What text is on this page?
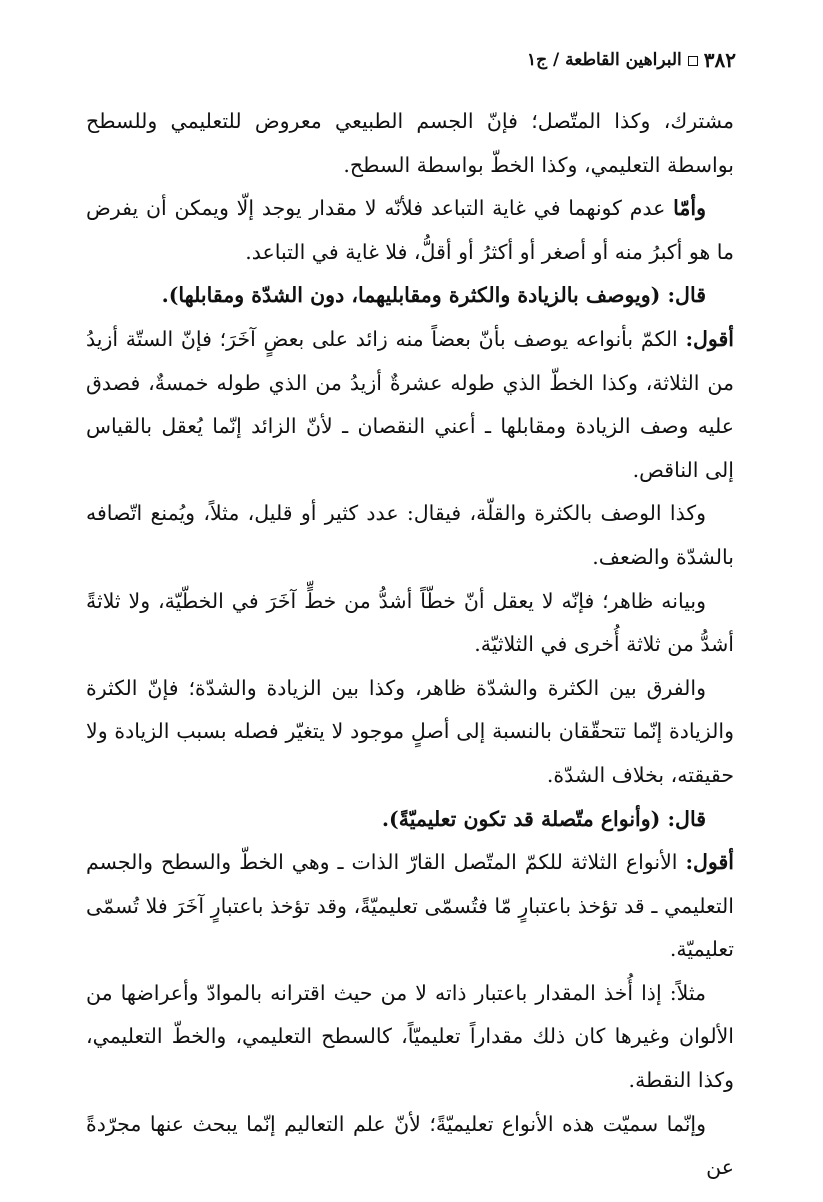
٣٨٢
البراهين القاطعة / ج١

مشترك، وكذا المتّصل؛ فإنّ الجسم الطبيعي معروض للتعليمي وللسطح بواسطة التعليمي، وكذا الخطّ بواسطة السطح.

وأمّا عدم كونهما في غاية التباعد فلأنّه لا مقدار يوجد إلّا ويمكن أن يفرض ما هو أكبرُ منه أو أصغر أو أكثرُ أو أقلُّ، فلا غاية في التباعد.

قال: (ويوصف بالزيادة والكثرة ومقابليهما، دون الشدّة ومقابلها).

أقول: الكمّ بأنواعه يوصف بأنّ بعضاً منه زائد على بعضٍ آخَرَ؛ فإنّ الستّة أزيدُ من الثلاثة، وكذا الخطّ الذي طوله عشرةٌ أزيدُ من الذي طوله خمسةٌ، فصدق عليه وصف الزيادة ومقابلها ـ أعني النقصان ـ لأنّ الزائد إنّما يُعقل بالقياس إلى الناقص.

وكذا الوصف بالكثرة والقلّة، فيقال: عدد كثير أو قليل، مثلاً، ويُمنع اتّصافه بالشدّة والضعف.

وبيانه ظاهر؛ فإنّه لا يعقل أنّ خطّاً أشدُّ من خطٍّ آخَرَ في الخطّيّة، ولا ثلاثةً أشدُّ من ثلاثة أُخرى في الثلاثيّة.

والفرق بين الكثرة والشدّة ظاهر، وكذا بين الزيادة والشدّة؛ فإنّ الكثرة والزيادة إنّما تتحقّقان بالنسبة إلى أصلٍ موجود لا يتغيّر فصله بسبب الزيادة ولا حقيقته، بخلاف الشدّة.

قال: (وأنواع متّصلة قد تكون تعليميّةً).

أقول: الأنواع الثلاثة للكمّ المتّصل القارّ الذات ـ وهي الخطّ والسطح والجسم التعليمي ـ قد تؤخذ باعتبارٍ مّا فتُسمّى تعليميّةً، وقد تؤخذ باعتبارٍ آخَرَ فلا تُسمّى تعليميّة.

مثلاً: إذا أُخذ المقدار باعتبار ذاته لا من حيث اقترانه بالموادّ وأعراضها من الألوان وغيرها كان ذلك مقداراً تعليميّاً، كالسطح التعليمي، والخطّ التعليمي، وكذا النقطة.

وإنّما سميّت هذه الأنواع تعليميّةً؛ لأنّ علم التعاليم إنّما يبحث عنها مجرّدةً عن
